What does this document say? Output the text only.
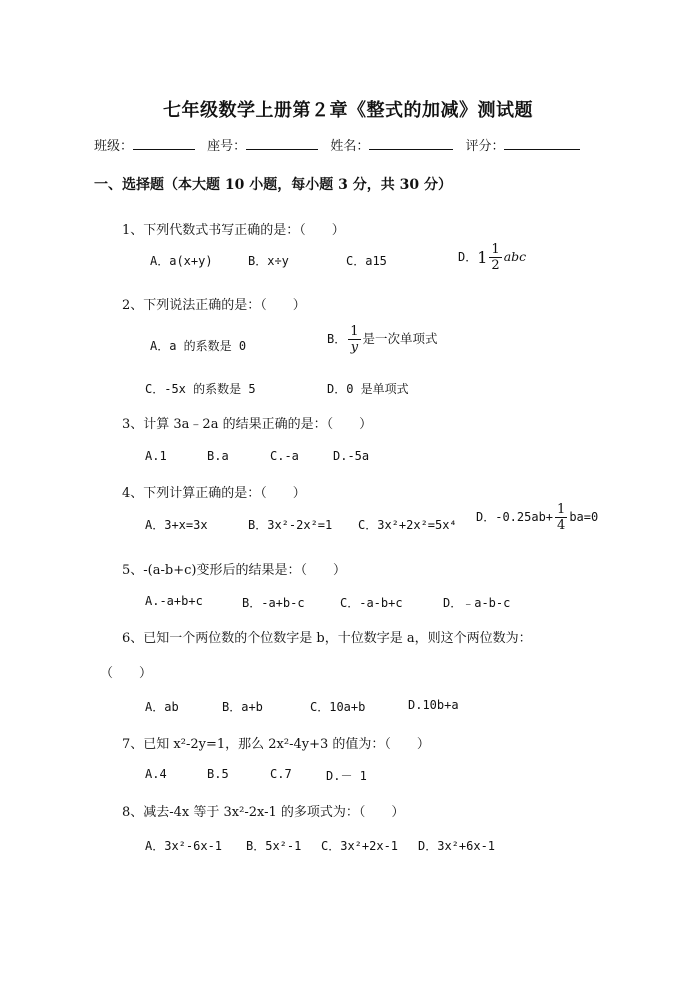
七年级数学上册第２章《整式的加减》测试题
班级：	座号：	姓名：	评分：
一、选择题（本大题 10 小题，每小题 3 分，共 30 分）
1、下列代数式书写正确的是：（　　）
A．a(x+y)	B．x÷y	C．a15	D．$1 \frac{1}{2}$ abc
2、下列说法正确的是：（　　）
A．a 的系数是 0	B． $\frac{1}{y}$ 是一次单项式
C．-5x 的系数是 5	D．0 是单项式
3、计算 3a﹣2a 的结果正确的是：（　　）
A.1	B.a	C.-a	D.-5a
4、下列计算正确的是：（　　）
A．3+x=3x	B．3x²-2x²=1 C．3x²+2x²=5x⁴
D．$-0.25ab+ \frac{1}{4} ba=0$
5、-(a-b+c)变形后的结果是：（　　）
A.-a+b+c	B．-a+b-c	C．-a-b+c	D．﹣a-b-c
6、已知一个两位数的个位数字是 b，十位数字是 a，则这个两位数为：
（　　）
A．ab	B．a+b	C．10a+b	D.10b+a
7、已知 x²-2y=1，那么 2x²-4y+3 的值为：（　　）
A.4	B.5	C.7	D.－ 1
8、减去-4x 等于 3x²-2x-1 的多项式为：（　　）
A．3x²-6x-1 B．5x²-1 C．3x²+2x-1 D．3x²+6x-1
